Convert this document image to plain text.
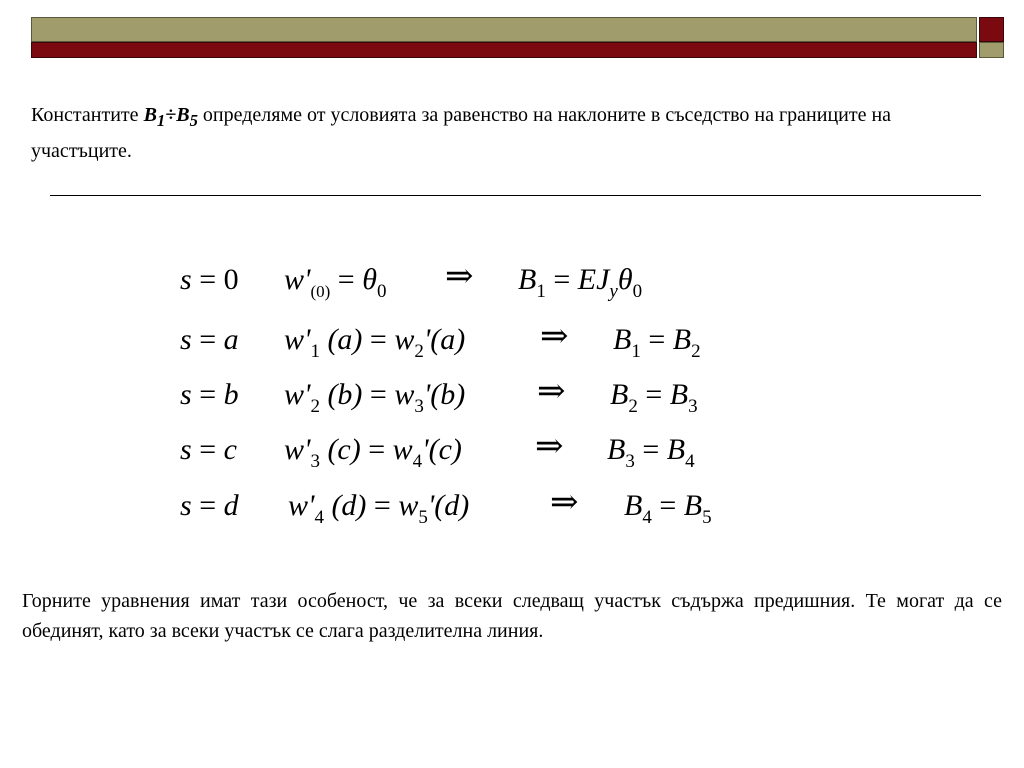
Константите $B_1\div B_5$ определяме от условията за равенство на наклоните в съседство на границите на участъците.
s = 0 $w'_{(0)} = \theta_0$ ⇒ $B_1 = EJ_y\theta_0$
s = a $w'_1$ $(a) = w_2'(a)$ ⇒ $B_1 = B_2$
s = b $w'_2$ $(b) = w_3'(b)$ ⇒ $B_2 = B_3$
s = c $w'_3$ $(c) = w_4'(c)$ ⇒ $B_3 = B_4$
s = d $w'_4$ $(d) = w_5'(d)$ ⇒ $B_4 = B_5$
Горните уравнения имат тази особеност, че за всеки следващ участък съдържа предишния. Те могат да се обединят, като за всеки участък се слага разделителна линия.
